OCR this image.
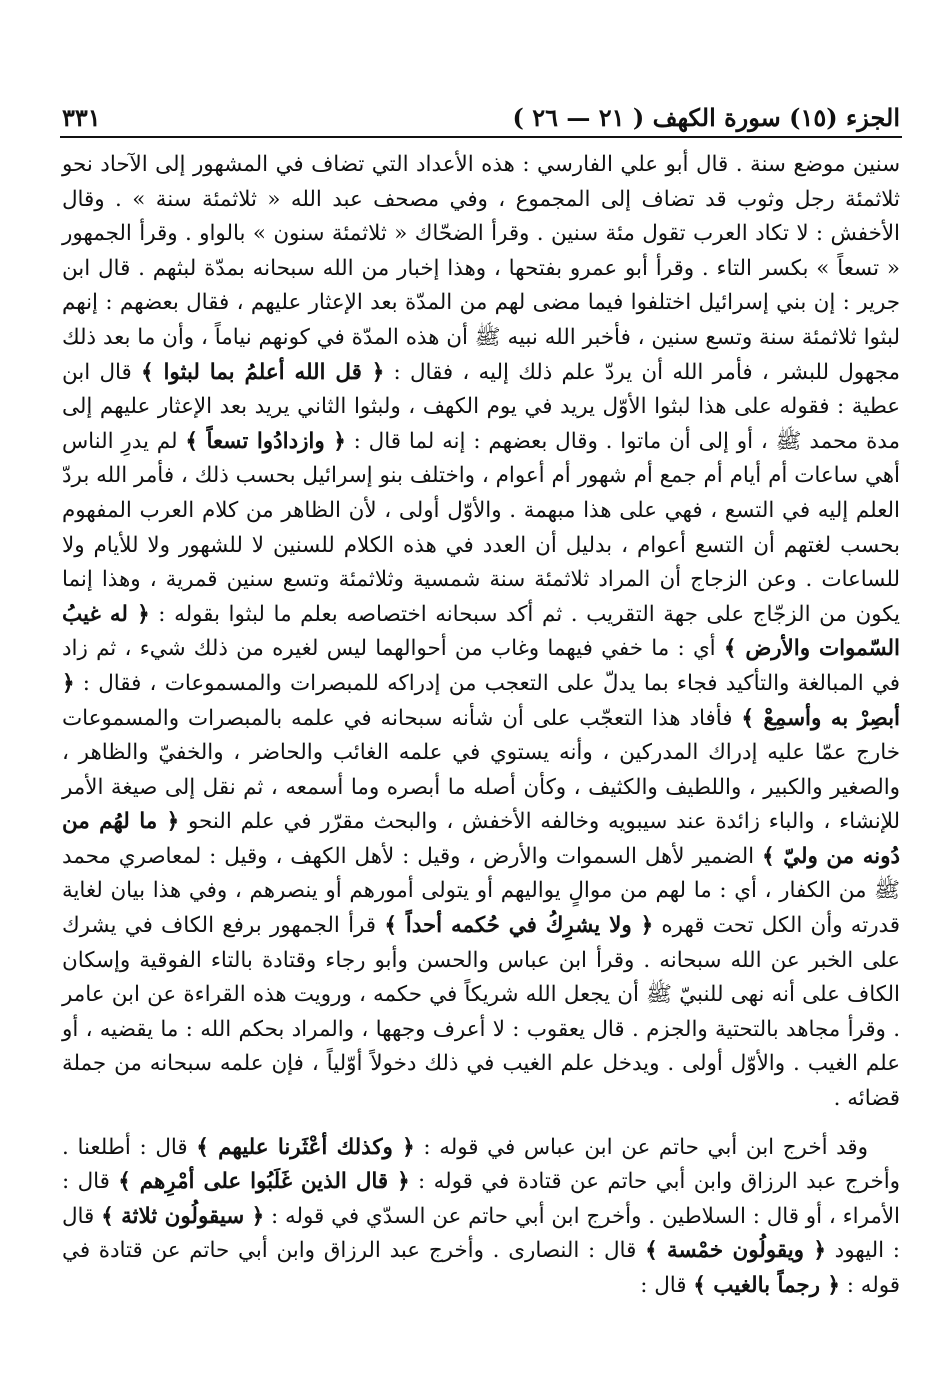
الجزء (١٥) سورة الكهف ( ٢١ — ٢٦ )
٣٣١

سنين موضع سنة . قال أبو علي الفارسي : هذه الأعداد التي تضاف في المشهور إلى الآحاد نحو ثلاثمئة رجل وثوب قد تضاف إلى المجموع ، وفي مصحف عبد الله « ثلاثمئة سنة » . وقال الأخفش : لا تكاد العرب تقول مئة سنين . وقرأ الضحّاك « ثلاثمئة سنون » بالواو . وقرأ الجمهور « تسعاً » بكسر التاء . وقرأ أبو عمرو بفتحها ، وهذا إخبار من الله سبحانه بمدّة لبثهم . قال ابن جرير : إن بني إسرائيل اختلفوا فيما مضى لهم من المدّة بعد الإعثار عليهم ، فقال بعضهم : إنهم لبثوا ثلاثمئة سنة وتسع سنين ، فأخبر الله نبيه ﷺ أن هذه المدّة في كونهم نياماً ، وأن ما بعد ذلك مجهول للبشر ، فأمر الله أن يردّ علم ذلك إليه ، فقال : ﴿ قل الله أعلمُ بما لبثوا ﴾ قال ابن عطية : فقوله على هذا لبثوا الأوّل يريد في يوم الكهف ، ولبثوا الثاني يريد بعد الإعثار عليهم إلى مدة محمد ﷺ ، أو إلى أن ماتوا . وقال بعضهم : إنه لما قال : ﴿ وازدادُوا تسعاً ﴾ لم يدرِ الناس أهي ساعات أم أيام أم جمع أم شهور أم أعوام ، واختلف بنو إسرائيل بحسب ذلك ، فأمر الله بردّ العلم إليه في التسع ، فهي على هذا مبهمة . والأوّل أولى ، لأن الظاهر من كلام العرب المفهوم بحسب لغتهم أن التسع أعوام ، بدليل أن العدد في هذه الكلام للسنين لا للشهور ولا للأيام ولا للساعات . وعن الزجاج أن المراد ثلاثمئة سنة شمسية وثلاثمئة وتسع سنين قمرية ، وهذا إنما يكون من الزجّاج على جهة التقريب . ثم أكد سبحانه اختصاصه بعلم ما لبثوا بقوله : ﴿ له غيبُ السّموات والأرض ﴾ أي : ما خفي فيهما وغاب من أحوالهما ليس لغيره من ذلك شيء ، ثم زاد في المبالغة والتأكيد فجاء بما يدلّ على التعجب من إدراكه للمبصرات والمسموعات ، فقال : ﴿ أبصِرْ به وأسمِعْ ﴾ فأفاد هذا التعجّب على أن شأنه سبحانه في علمه بالمبصرات والمسموعات خارج عمّا عليه إدراك المدركين ، وأنه يستوي في علمه الغائب والحاضر ، والخفيّ والظاهر ، والصغير والكبير ، واللطيف والكثيف ، وكأن أصله ما أبصره وما أسمعه ، ثم نقل إلى صيغة الأمر للإنشاء ، والباء زائدة عند سيبويه وخالفه الأخفش ، والبحث مقرّر في علم النحو ﴿ ما لهُم من دُونه من وليّ ﴾ الضمير لأهل السموات والأرض ، وقيل : لأهل الكهف ، وقيل : لمعاصري محمد ﷺ من الكفار ، أي : ما لهم من موالٍ يواليهم أو يتولى أمورهم أو ينصرهم ، وفي هذا بيان لغاية قدرته وأن الكل تحت قهره ﴿ ولا يشرِكُ في حُكمه أحداً ﴾ قرأ الجمهور برفع الكاف في يشرك على الخبر عن الله سبحانه . وقرأ ابن عباس والحسن وأبو رجاء وقتادة بالتاء الفوقية وإسكان الكاف على أنه نهى للنبيّ ﷺ أن يجعل الله شريكاً في حكمه ، ورويت هذه القراءة عن ابن عامر . وقرأ مجاهد بالتحتية والجزم . قال يعقوب : لا أعرف وجهها ، والمراد بحكم الله : ما يقضيه ، أو علم الغيب . والأوّل أولى . ويدخل علم الغيب في ذلك دخولاً أوّلياً ، فإن علمه سبحانه من جملة قضائه .

وقد أخرج ابن أبي حاتم عن ابن عباس في قوله : ﴿ وكذلك أعْثَرنا عليهم ﴾ قال : أطلعنا . وأخرج عبد الرزاق وابن أبي حاتم عن قتادة في قوله : ﴿ قال الذين غَلَبُوا على أمْرِهم ﴾ قال : الأمراء ، أو قال : السلاطين . وأخرج ابن أبي حاتم عن السدّي في قوله : ﴿ سيقولُون ثلاثة ﴾ قال : اليهود ﴿ ويقولُون خمْسة ﴾ قال : النصارى . وأخرج عبد الرزاق وابن أبي حاتم عن قتادة في قوله : ﴿ رجماً بالغيب ﴾ قال :
